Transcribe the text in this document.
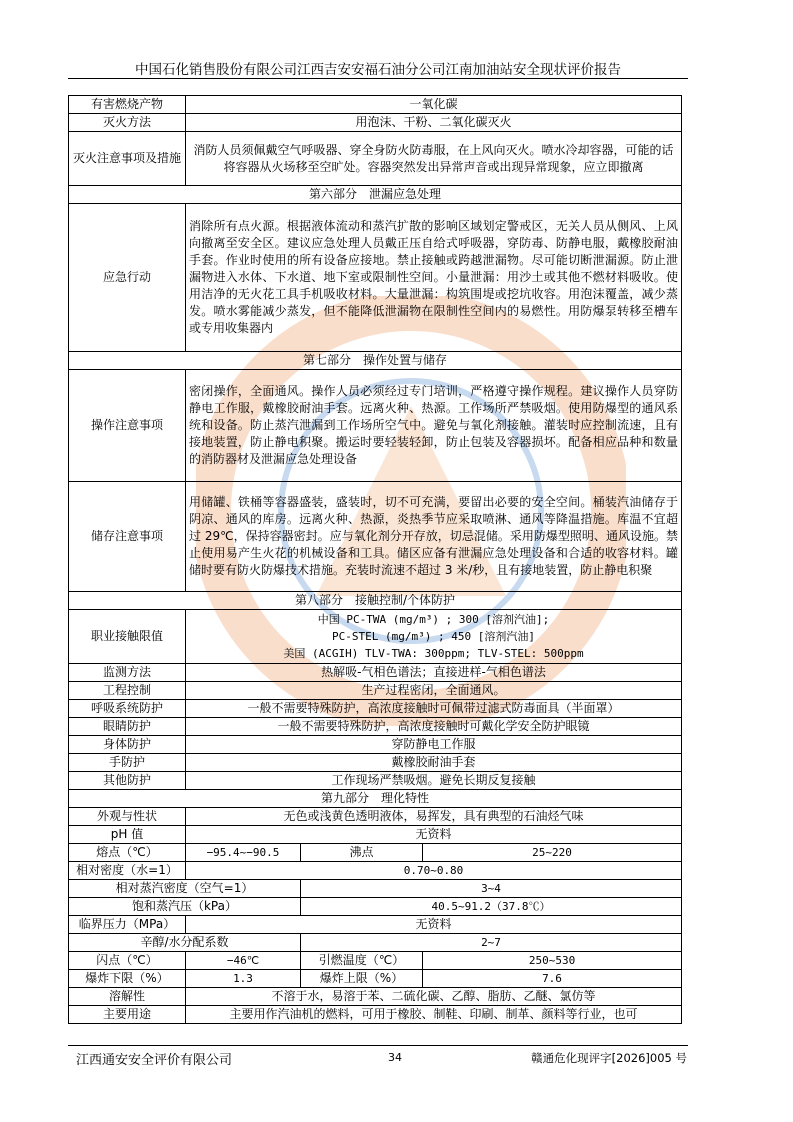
中国石化销售股份有限公司江西吉安安福石油分公司江南加油站安全现状评价报告
有害燃烧产物	一氧化碳		
灭火方法	用泡沫、干粉、二氧化碳灭火		
灭火注意事项及措施	消防人员须佩戴空气呼吸器、穿全身防火防毒服，在上风向灭火。喷水冷却容器，可能的话将容器从火场移至空旷处。容器突然发出异常声音或出现异常现象，应立即撤离		
第六部分　泄漏应急处理			
应急行动	消除所有点火源。根据液体流动和蒸汽扩散的影响区域划定警戒区，无关人员从侧风、上风向撤离至安全区。建议应急处理人员戴正压自给式呼吸器，穿防毒、防静电服，戴橡胶耐油手套。作业时使用的所有设备应接地。禁止接触或跨越泄漏物。尽可能切断泄漏源。防止泄漏物进入水体、下水道、地下室或限制性空间。小量泄漏：用沙土或其他不燃材料吸收。使用洁净的无火花工具手机吸收材料。大量泄漏：构筑围堤或挖坑收容。用泡沫覆盖，减少蒸发。喷水雾能减少蒸发，但不能降低泄漏物在限制性空间内的易燃性。用防爆泵转移至槽车或专用收集器内		
第七部分　操作处置与储存			
操作注意事项	密闭操作，全面通风。操作人员必须经过专门培训，严格遵守操作规程。建议操作人员穿防静电工作服，戴橡胶耐油手套。远离火种、热源。工作场所严禁吸烟。使用防爆型的通风系统和设备。防止蒸汽泄漏到工作场所空气中。避免与氧化剂接触。灌装时应控制流速，且有接地装置，防止静电积聚。搬运时要轻装轻卸，防止包装及容器损坏。配备相应品种和数量的消防器材及泄漏应急处理设备		
储存注意事项	用储罐、铁桶等容器盛装，盛装时，切不可充满，要留出必要的安全空间。桶装汽油储存于阴凉、通风的库房。远离火种、热源，炎热季节应采取喷淋、通风等降温措施。库温不宜超过 29℃，保持容器密封。应与氧化剂分开存放，切忌混储。采用防爆型照明、通风设施。禁止使用易产生火花的机械设备和工具。储区应备有泄漏应急处理设备和合适的收容材料。罐储时要有防火防爆技术措施。充装时流速不超过 3 米/秒，且有接地装置，防止静电积聚		
第八部分　接触控制/个体防护			
职业接触限值	中国 PC-TWA (mg/m³) ; 300 [溶剂汽油];
PC-STEL (mg/m³) ; 450 [溶剂汽油]
美国 (ACGIH) TLV-TWA: 300ppm; TLV-STEL: 500ppm		

监测方法	热解吸-气相色谱法；直接进样-气相色谱法		
工程控制	生产过程密闭，全面通风。		
呼吸系统防护	一般不需要特殊防护，高浓度接触时可佩带过滤式防毒面具（半面罩）		
眼睛防护	一般不需要特殊防护，高浓度接触时可戴化学安全防护眼镜		
身体防护	穿防静电工作服		
手防护	戴橡胶耐油手套		
其他防护	工作现场严禁吸烟。避免长期反复接触		
第九部分　理化特性			
外观与性状	无色或浅黄色透明液体，易挥发，具有典型的石油烃气味		
pH 值	无资料		
熔点（℃）	−95.4~−90.5	沸点	25~220
相对密度（水=1）	0.70~0.80		
相对蒸汽密度（空气=1）		3~4	
饱和蒸汽压（kPa）		40.5~91.2（37.8℃）	
临界压力（MPa）	无资料		
辛醇/水分配系数		2~7	
闪点（℃）	−46℃	引燃温度（℃）	250~530
爆炸下限（%）	1.3	爆炸上限（%）	7.6
溶解性	不溶于水，易溶于苯、二硫化碳、乙醇、脂肪、乙醚、氯仿等		
主要用途	主要用作汽油机的燃料，可用于橡胶、制鞋、印刷、制革、颜料等行业，也可		
江西通安安全评价有限公司	34	赣通危化现评字[2026]005 号
